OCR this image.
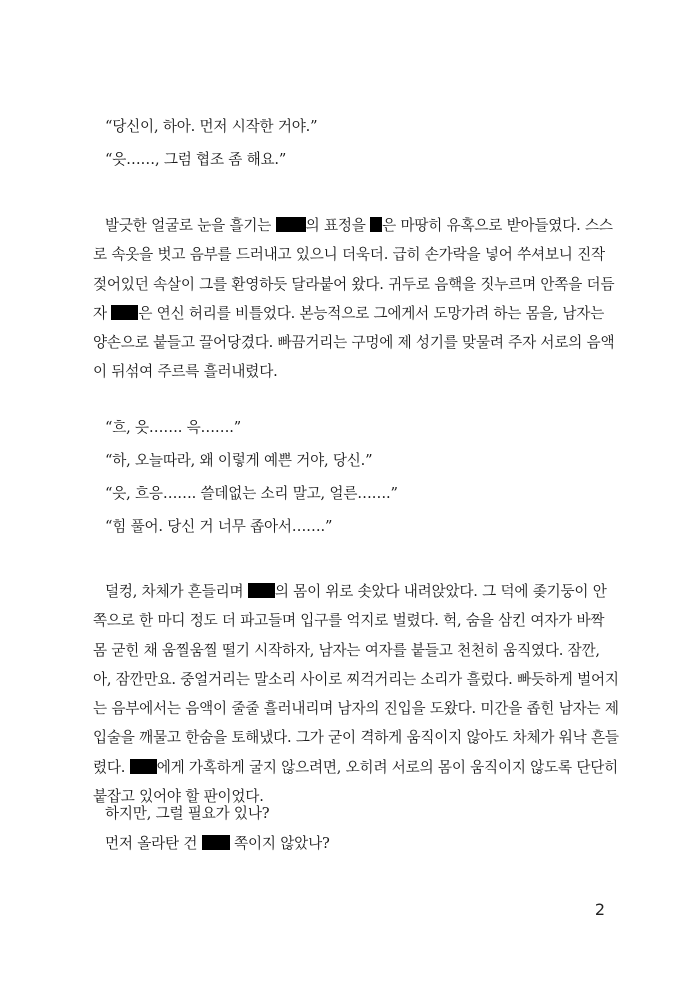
“당신이, 하아. 먼저 시작한 거야.”
“읏……, 그럼 협조 좀 해요.”
발긋한 얼굴로 눈을 흘기는 의 표정을 은 마땅히 유혹으로 받아들였다. 스스
로 속옷을 벗고 음부를 드러내고 있으니 더욱더. 급히 손가락을 넣어 쑤셔보니 진작
젖어있던 속살이 그를 환영하듯 달라붙어 왔다. 귀두로 음핵을 짓누르며 안쪽을 더듬
자 은 연신 허리를 비틀었다. 본능적으로 그에게서 도망가려 하는 몸을, 남자는
양손으로 붙들고 끌어당겼다. 빠끔거리는 구멍에 제 성기를 맞물려 주자 서로의 음액
이 뒤섞여 주르륵 흘러내렸다.
“흐, 읏……. 윽…….”
“하, 오늘따라, 왜 이렇게 예쁜 거야, 당신.”
“읏, 흐응……. 쓸데없는 소리 말고, 얼른…….”
“힘 풀어. 당신 거 너무 좁아서…….”
덜컹, 차체가 흔들리며 의 몸이 위로 솟았다 내려앉았다. 그 덕에 좆기둥이 안
쪽으로 한 마디 정도 더 파고들며 입구를 억지로 벌렸다. 헉, 숨을 삼킨 여자가 바짝
몸 굳힌 채 움찔움찔 떨기 시작하자, 남자는 여자를 붙들고 천천히 움직였다. 잠깐,
아, 잠깐만요. 중얼거리는 말소리 사이로 찌걱거리는 소리가 흘렀다. 빠듯하게 벌어지
는 음부에서는 음액이 줄줄 흘러내리며 남자의 진입을 도왔다. 미간을 좁힌 남자는 제
입술을 깨물고 한숨을 토해냈다. 그가 굳이 격하게 움직이지 않아도 차체가 워낙 흔들
렸다. 에게 가혹하게 굴지 않으려면, 오히려 서로의 몸이 움직이지 않도록 단단히
붙잡고 있어야 할 판이었다.
하지만, 그럴 필요가 있나?
먼저 올라탄 건  쪽이지 않았나?
2
